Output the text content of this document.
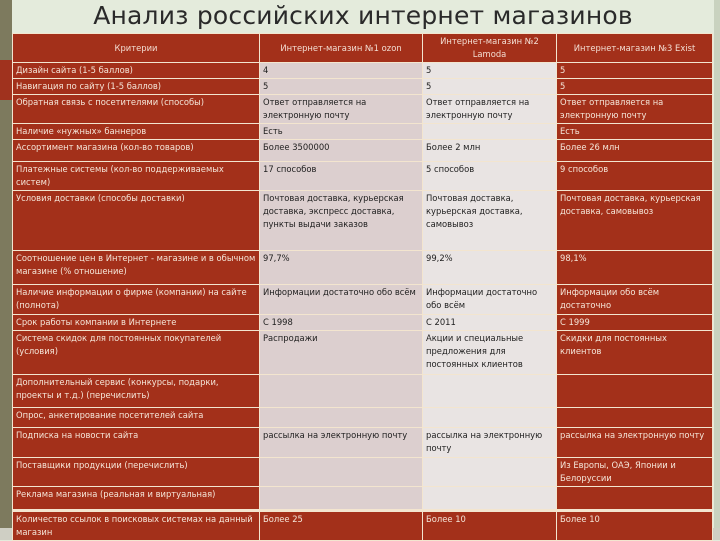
Анализ российских интернет магазинов
Критерии	Интернет-магазин №1 ozon	Интернет-магазин №2 Lamoda	Интернет-магазин №3 Exist
Дизайн сайта (1-5 баллов)	4	5	5
Навигация по сайту (1-5 баллов)	5	5	5
Обратная связь с посетителями (способы)	Ответ отправляется на электронную почту	Ответ отправляется на электронную почту	Ответ отправляется на электронную почту
Наличие «нужных» баннеров	Есть		Есть
Ассортимент магазина (кол-во товаров)	Более 3500000	Более 2 млн	Более 26 млн
Платежные системы (кол-во поддерживаемых систем)	17 способов	5 способов	9 способов
Условия доставки (способы доставки)	Почтовая доставка, курьерская доставка, экспресс доставка, пункты выдачи заказов	Почтовая доставка, курьерская доставка, самовывоз	Почтовая доставка, курьерская доставка, самовывоз
Соотношение цен в Интернет - магазине и в обычном магазине (% отношение)	97,7%	99,2%	98,1%
Наличие информации о фирме (компании) на сайте (полнота)	Информации достаточно обо всём	Информации достаточно обо всём	Информации обо всём достаточно
Срок работы компании в Интернете	С 1998	С 2011	С 1999
Система скидок для постоянных покупателей (условия)	Распродажи	Акции и специальные предложения для постоянных клиентов	Скидки для постоянных клиентов
Дополнительный сервис (конкурсы, подарки, проекты и т.д.) (перечислить)			
Опрос, анкетирование посетителей сайта			
Подписка на новости сайта	рассылка на электронную почту	рассылка на электронную почту	рассылка на электронную почту
Поставщики продукции (перечислить)			Из Европы, ОАЭ, Японии и Белоруссии
Реклама магазина (реальная и виртуальная)			
Количество ссылок в поисковых системах на данный магазин	Более 25	Более 10	Более 10
